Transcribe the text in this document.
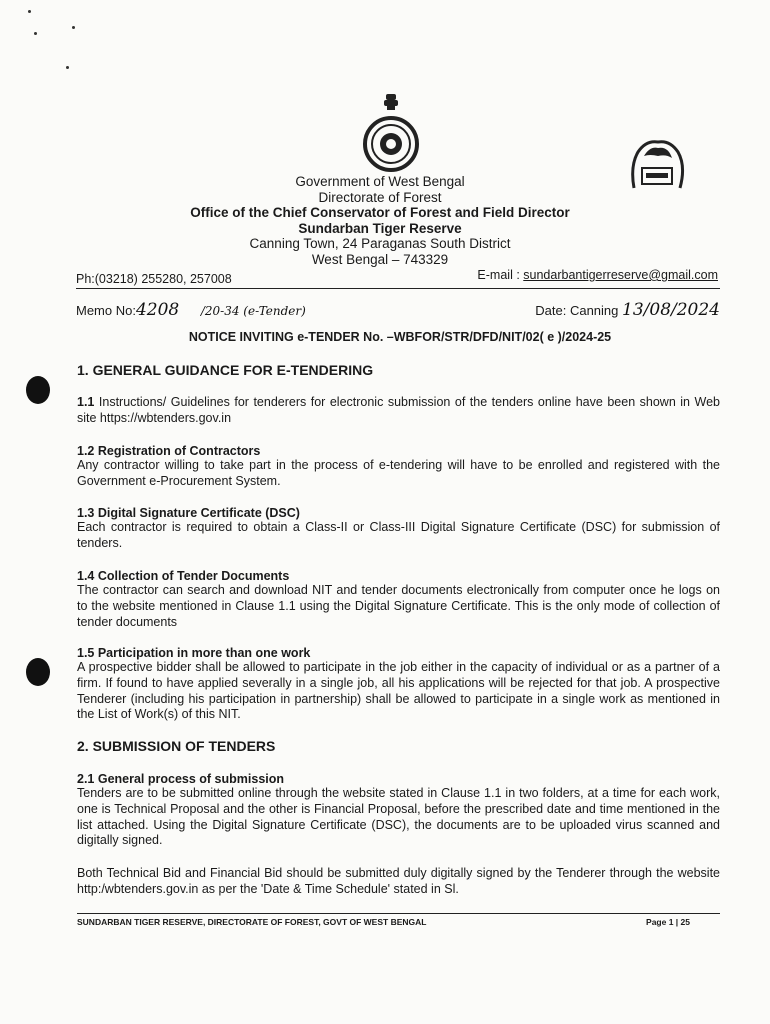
Government of West Bengal
Directorate of Forest
Office of the Chief Conservator of Forest and Field Director
Sundarban Tiger Reserve
Canning Town, 24 Paraganas South District
West Bengal – 743329
Ph:(03218) 255280, 257008	E-mail : sundarbantigerreserve@gmail.com
Memo No:4208 /20-34 (e-Tender)	Date: Canning 13/08/2024
NOTICE INVITING e-TENDER No. –WBFOR/STR/DFD/NIT/02( e )/2024-25
1. GENERAL GUIDANCE FOR E-TENDERING
1.1 Instructions/ Guidelines for tenderers for electronic submission of the tenders online have been shown in Web site https://wbtenders.gov.in
1.2 Registration of Contractors
Any contractor willing to take part in the process of e-tendering will have to be enrolled and registered with the Government e-Procurement System.
1.3 Digital Signature Certificate (DSC)
Each contractor is required to obtain a Class-II or Class-III Digital Signature Certificate (DSC) for submission of tenders.
1.4 Collection of Tender Documents
The contractor can search and download NIT and tender documents electronically from computer once he logs on to the website mentioned in Clause 1.1 using the Digital Signature Certificate. This is the only mode of collection of tender documents
1.5 Participation in more than one work
A prospective bidder shall be allowed to participate in the job either in the capacity of individual or as a partner of a firm. If found to have applied severally in a single job, all his applications will be rejected for that job. A prospective Tenderer (including his participation in partnership) shall be allowed to participate in a single work as mentioned in the List of Work(s) of this NIT.
2. SUBMISSION OF TENDERS
2.1 General process of submission
Tenders are to be submitted online through the website stated in Clause 1.1 in two folders, at a time for each work, one is Technical Proposal and the other is Financial Proposal, before the prescribed date and time mentioned in the list attached. Using the Digital Signature Certificate (DSC), the documents are to be uploaded virus scanned and digitally signed.
Both Technical Bid and Financial Bid should be submitted duly digitally signed by the Tenderer through the website http:/wbtenders.gov.in as per the 'Date & Time Schedule' stated in Sl.
SUNDARBAN TIGER RESERVE, DIRECTORATE OF FOREST, GOVT OF WEST BENGAL	Page 1 | 25
